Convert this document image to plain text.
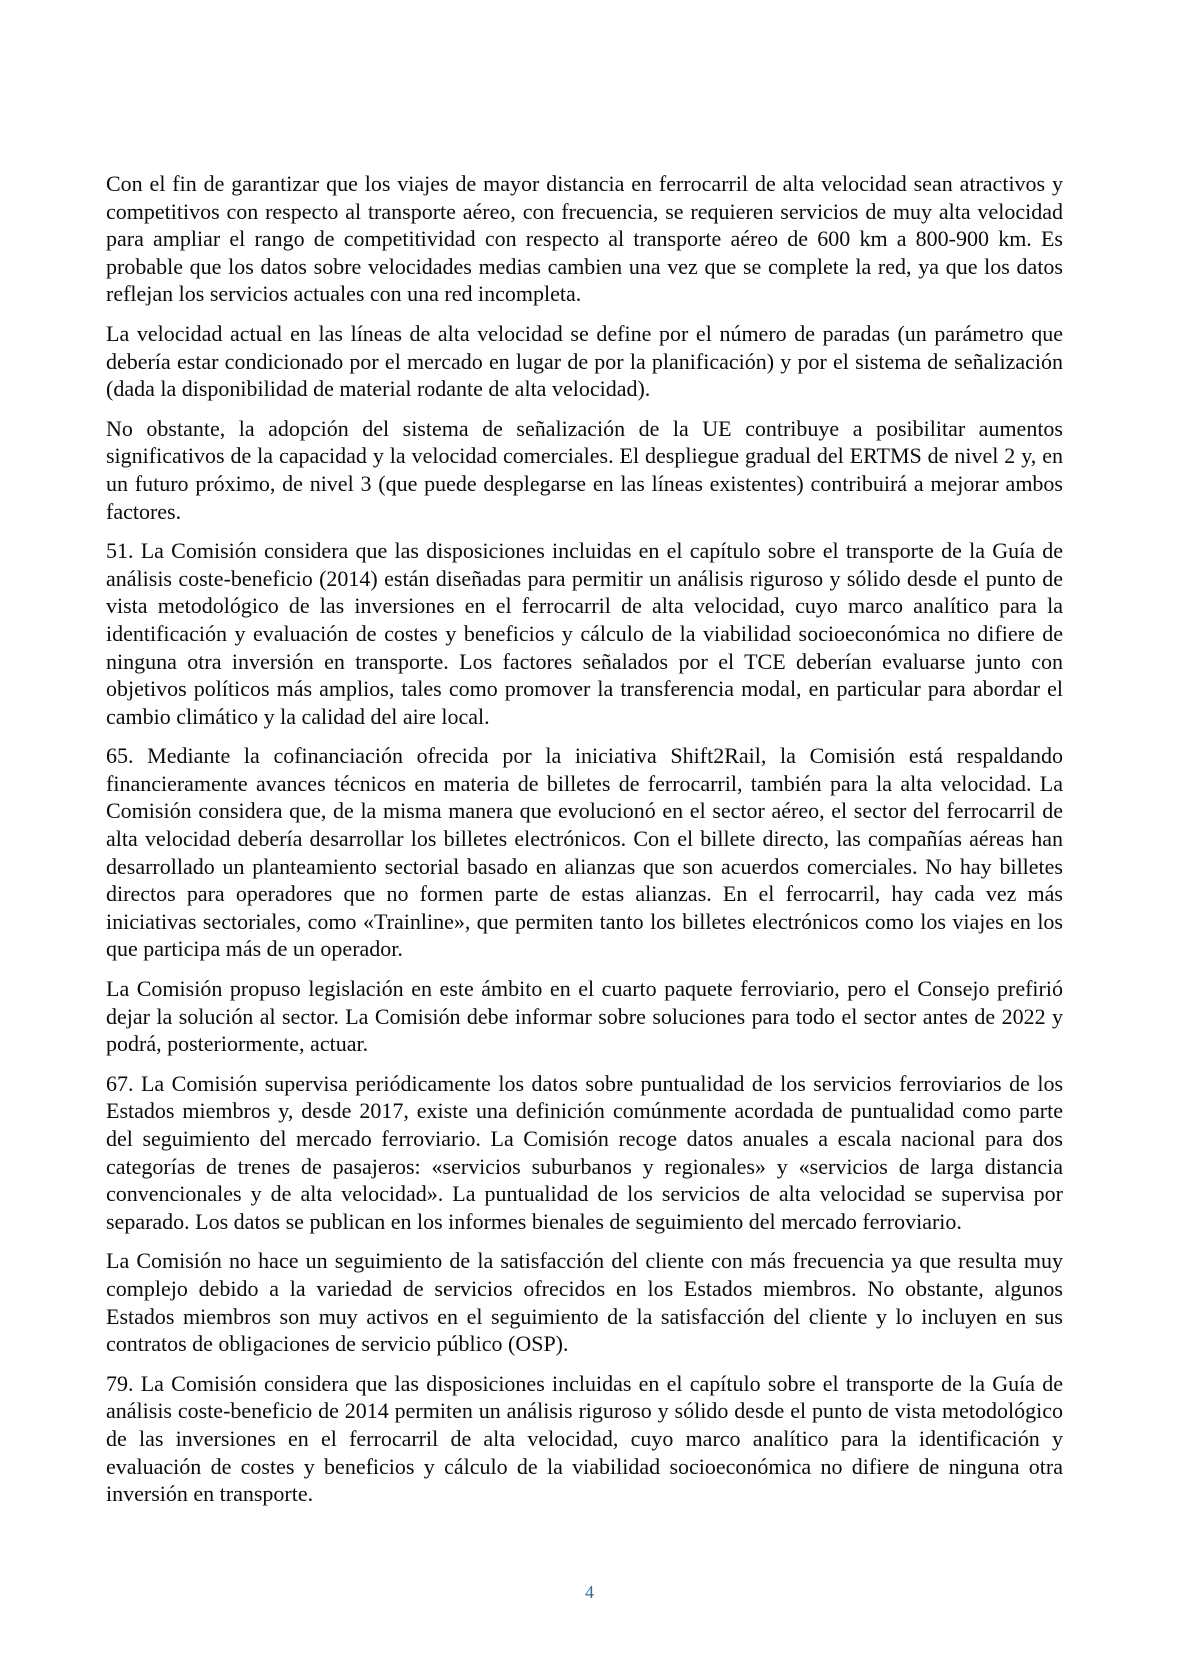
Con el fin de garantizar que los viajes de mayor distancia en ferrocarril de alta velocidad sean atractivos y competitivos con respecto al transporte aéreo, con frecuencia, se requieren servicios de muy alta velocidad para ampliar el rango de competitividad con respecto al transporte aéreo de 600 km a 800-900 km. Es probable que los datos sobre velocidades medias cambien una vez que se complete la red, ya que los datos reflejan los servicios actuales con una red incompleta.

La velocidad actual en las líneas de alta velocidad se define por el número de paradas (un parámetro que debería estar condicionado por el mercado en lugar de por la planificación) y por el sistema de señalización (dada la disponibilidad de material rodante de alta velocidad).

No obstante, la adopción del sistema de señalización de la UE contribuye a posibilitar aumentos significativos de la capacidad y la velocidad comerciales. El despliegue gradual del ERTMS de nivel 2 y, en un futuro próximo, de nivel 3 (que puede desplegarse en las líneas existentes) contribuirá a mejorar ambos factores.

51. La Comisión considera que las disposiciones incluidas en el capítulo sobre el transporte de la Guía de análisis coste-beneficio (2014) están diseñadas para permitir un análisis riguroso y sólido desde el punto de vista metodológico de las inversiones en el ferrocarril de alta velocidad, cuyo marco analítico para la identificación y evaluación de costes y beneficios y cálculo de la viabilidad socioeconómica no difiere de ninguna otra inversión en transporte. Los factores señalados por el TCE deberían evaluarse junto con objetivos políticos más amplios, tales como promover la transferencia modal, en particular para abordar el cambio climático y la calidad del aire local.

65. Mediante la cofinanciación ofrecida por la iniciativa Shift2Rail, la Comisión está respaldando financieramente avances técnicos en materia de billetes de ferrocarril, también para la alta velocidad. La Comisión considera que, de la misma manera que evolucionó en el sector aéreo, el sector del ferrocarril de alta velocidad debería desarrollar los billetes electrónicos. Con el billete directo, las compañías aéreas han desarrollado un planteamiento sectorial basado en alianzas que son acuerdos comerciales. No hay billetes directos para operadores que no formen parte de estas alianzas. En el ferrocarril, hay cada vez más iniciativas sectoriales, como «Trainline», que permiten tanto los billetes electrónicos como los viajes en los que participa más de un operador.

La Comisión propuso legislación en este ámbito en el cuarto paquete ferroviario, pero el Consejo prefirió dejar la solución al sector. La Comisión debe informar sobre soluciones para todo el sector antes de 2022 y podrá, posteriormente, actuar.

67. La Comisión supervisa periódicamente los datos sobre puntualidad de los servicios ferroviarios de los Estados miembros y, desde 2017, existe una definición comúnmente acordada de puntualidad como parte del seguimiento del mercado ferroviario. La Comisión recoge datos anuales a escala nacional para dos categorías de trenes de pasajeros: «servicios suburbanos y regionales» y «servicios de larga distancia convencionales y de alta velocidad». La puntualidad de los servicios de alta velocidad se supervisa por separado. Los datos se publican en los informes bienales de seguimiento del mercado ferroviario.

La Comisión no hace un seguimiento de la satisfacción del cliente con más frecuencia ya que resulta muy complejo debido a la variedad de servicios ofrecidos en los Estados miembros. No obstante, algunos Estados miembros son muy activos en el seguimiento de la satisfacción del cliente y lo incluyen en sus contratos de obligaciones de servicio público (OSP).

79. La Comisión considera que las disposiciones incluidas en el capítulo sobre el transporte de la Guía de análisis coste-beneficio de 2014 permiten un análisis riguroso y sólido desde el punto de vista metodológico de las inversiones en el ferrocarril de alta velocidad, cuyo marco analítico para la identificación y evaluación de costes y beneficios y cálculo de la viabilidad socioeconómica no difiere de ninguna otra inversión en transporte.

4
